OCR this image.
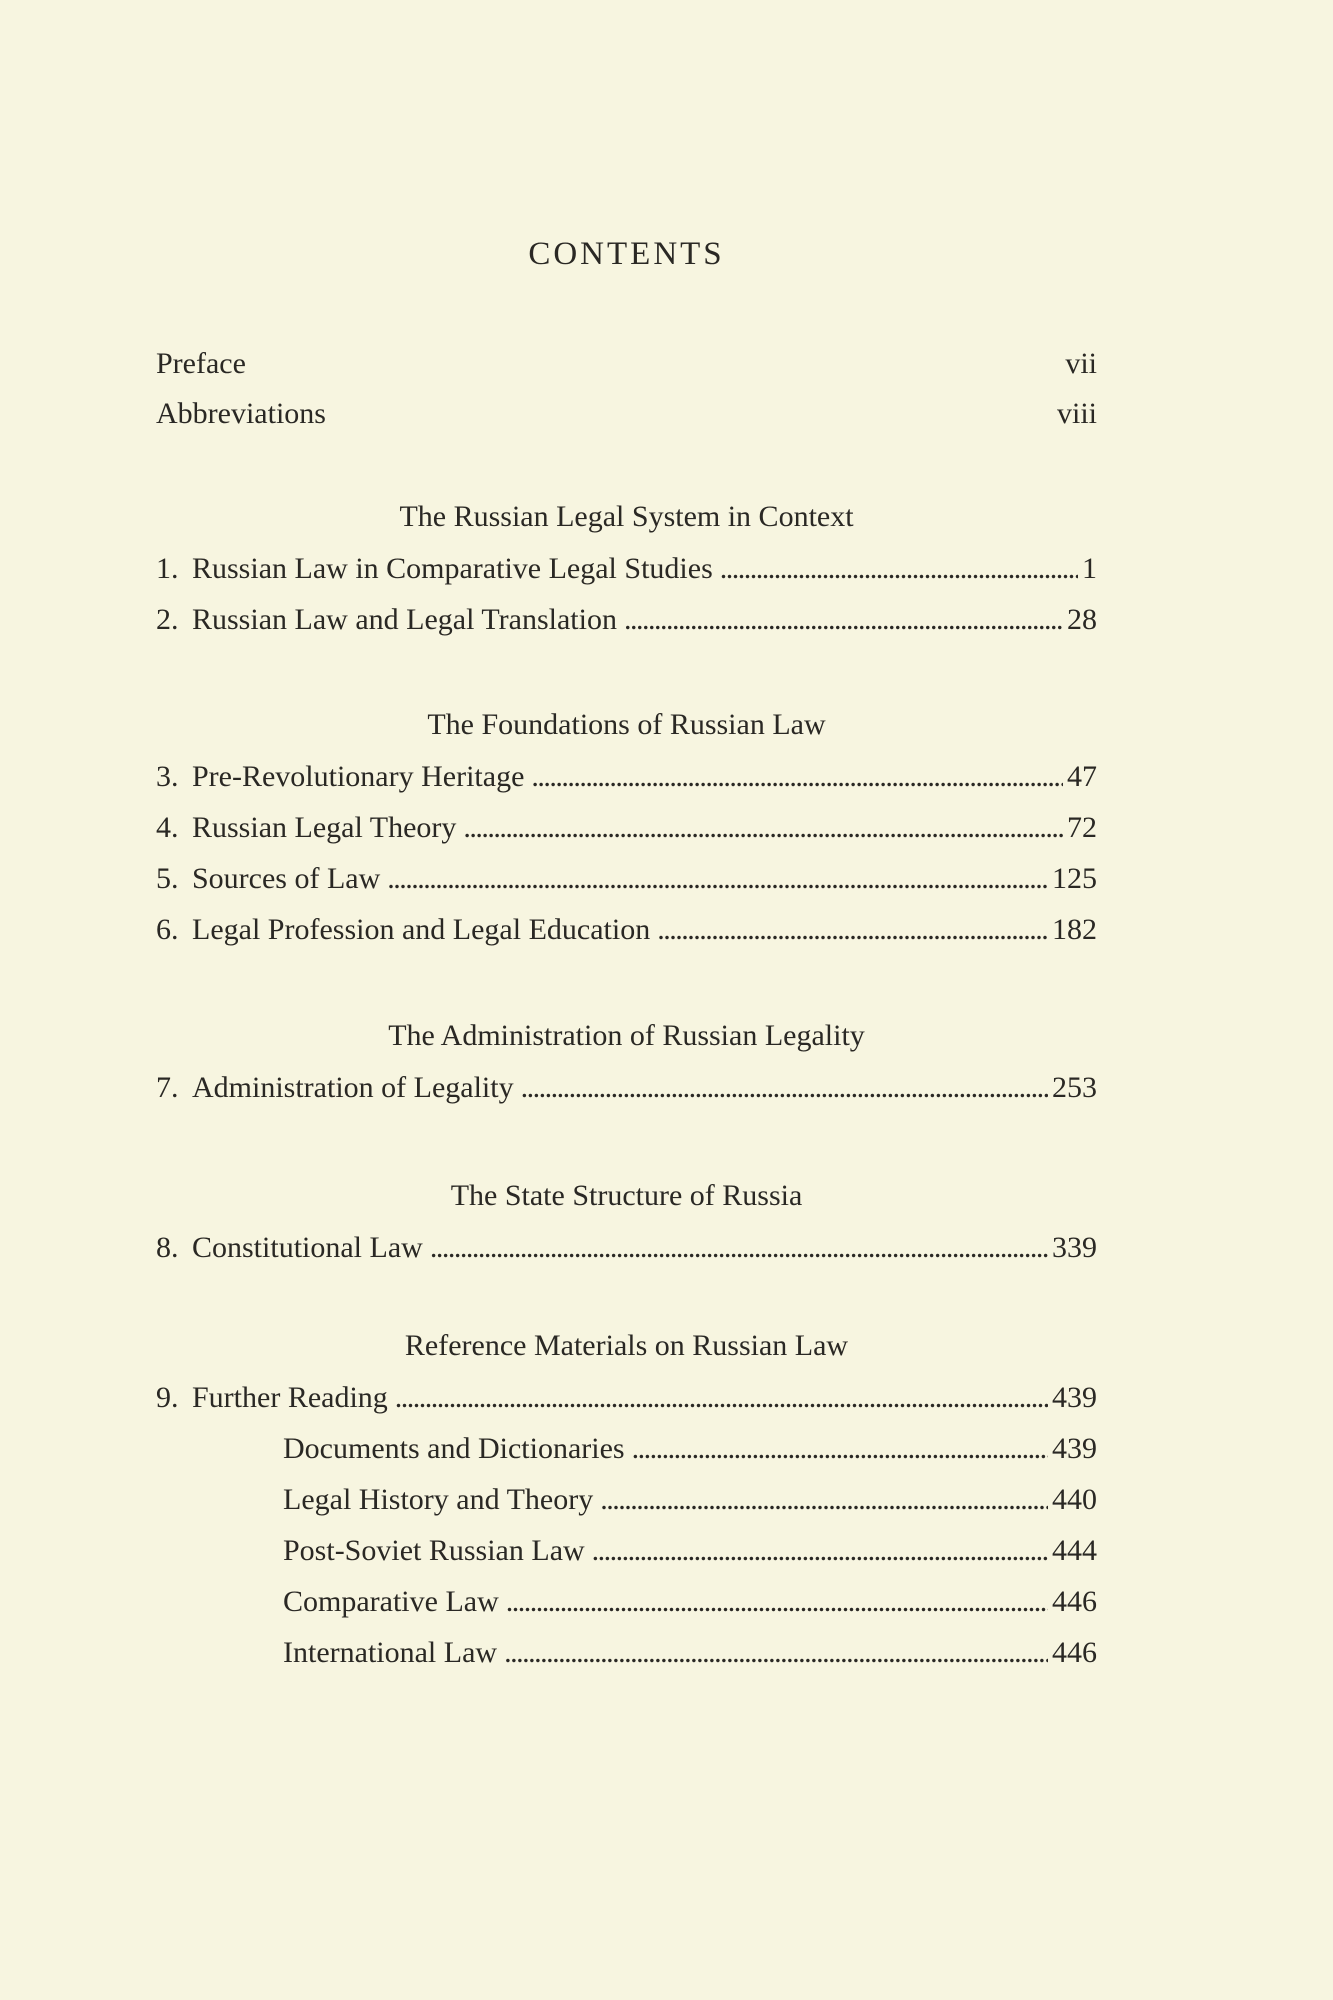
CONTENTS
Preface	vii
Abbreviations	viii
The Russian Legal System in Context
1. Russian Law in Comparative Legal Studies .....	1
2. Russian Law and Legal Translation .....	28
The Foundations of Russian Law
3. Pre-Revolutionary Heritage .....	47
4. Russian Legal Theory .....	72
5. Sources of Law .....	125
6. Legal Profession and Legal Education .....	182
The Administration of Russian Legality
7. Administration of Legality .....	253
The State Structure of Russia
8. Constitutional Law .....	339
Reference Materials on Russian Law
9. Further Reading .....	439
Documents and Dictionaries .....	439
Legal History and Theory .....	440
Post-Soviet Russian Law .....	444
Comparative Law .....	446
International Law .....	446
